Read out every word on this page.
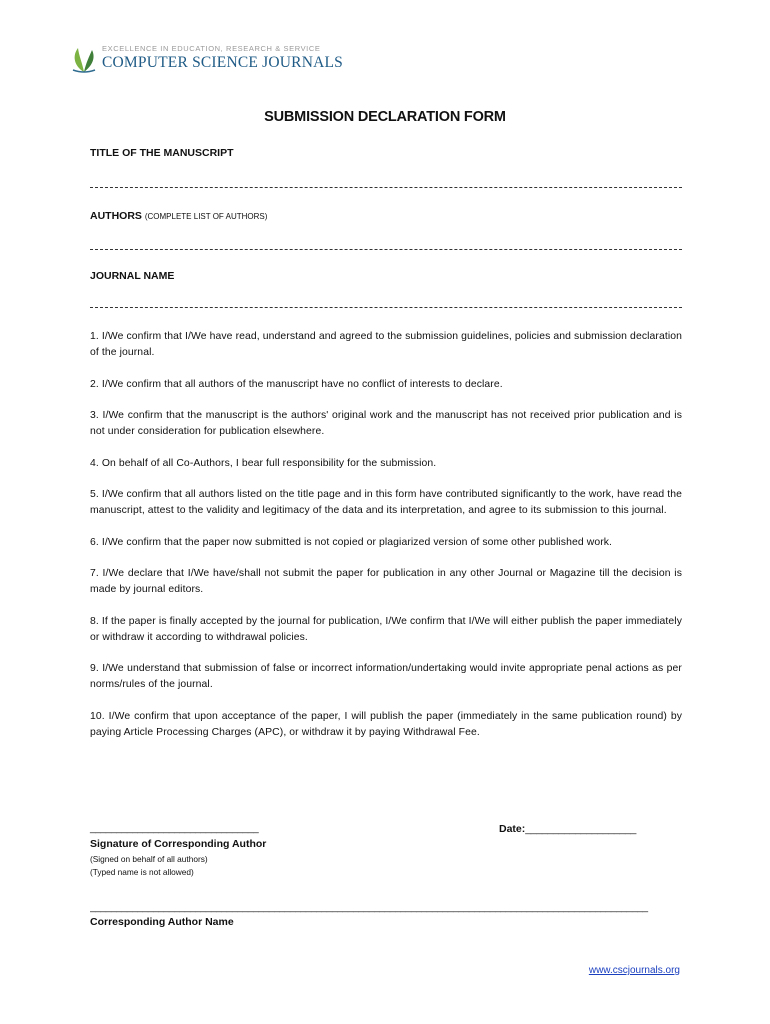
EXCELLENCE IN EDUCATION, RESEARCH & SERVICE
COMPUTER SCIENCE JOURNALS
SUBMISSION DECLARATION FORM
TITLE OF THE MANUSCRIPT
AUTHORS (COMPLETE LIST OF AUTHORS)
JOURNAL NAME

1. I/We confirm that I/We have read, understand and agreed to the submission guidelines, policies and submission declaration of the journal.

2. I/We confirm that all authors of the manuscript have no conflict of interests to declare.

3. I/We confirm that the manuscript is the authors' original work and the manuscript has not received prior publication and is not under consideration for publication elsewhere.

4. On behalf of all Co-Authors, I bear full responsibility for the submission.

5. I/We confirm that all authors listed on the title page and in this form have contributed significantly to the work, have read the manuscript, attest to the validity and legitimacy of the data and its interpretation, and agree to its submission to this journal.

6. I/We confirm that the paper now submitted is not copied or plagiarized version of some other published work.

7. I/We declare that I/We have/shall not submit the paper for publication in any other Journal or Magazine till the decision is made by journal editors.

8. If the paper is finally accepted by the journal for publication, I/We confirm that I/We will either publish the paper immediately or withdraw it according to withdrawal policies.

9. I/We understand that submission of false or incorrect information/undertaking would invite appropriate penal actions as per norms/rules of the journal.

10. I/We confirm that upon acceptance of the paper, I will publish the paper (immediately in the same publication round) by paying Article Processing Charges (APC), or withdraw it by paying Withdrawal Fee.

________________________________
Signature of Corresponding Author
(Signed on behalf of all authors)
(Typed name is not allowed)
Date:____________________
__________________________________________________________________________________________________________
Corresponding Author Name
www.cscjournals.org
